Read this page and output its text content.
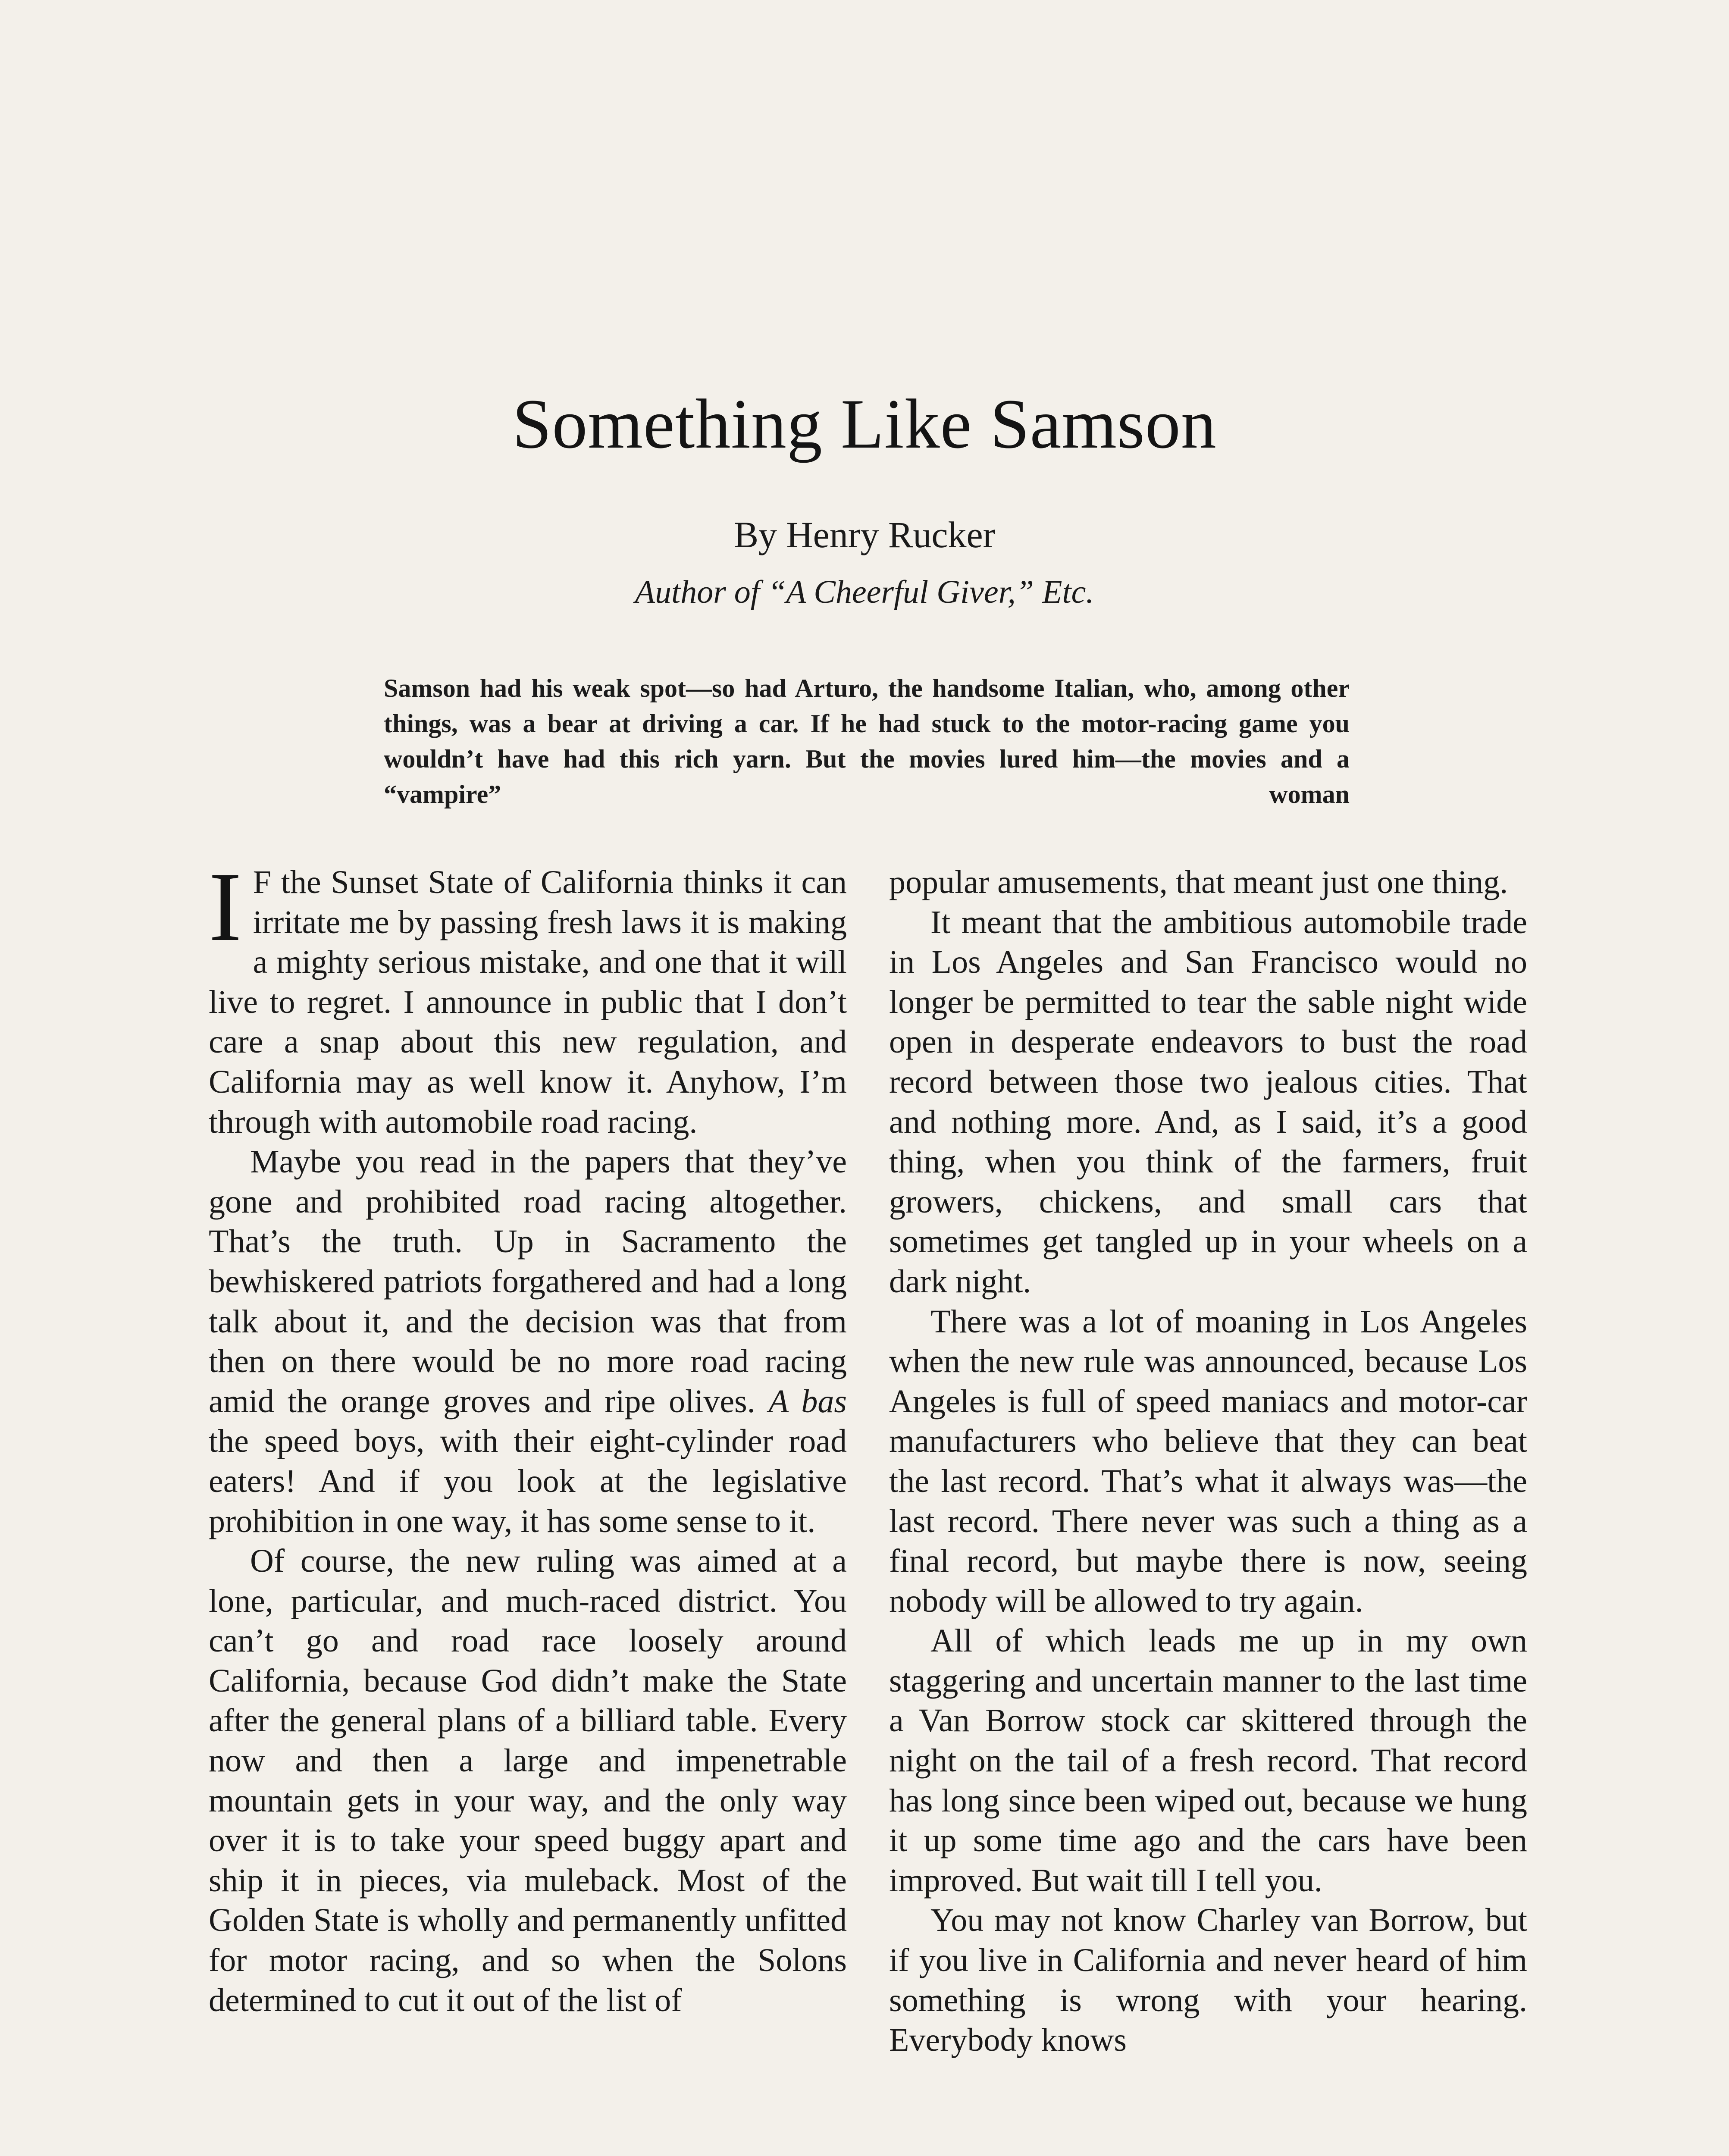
Something Like Samson
By Henry Rucker
Author of “A Cheerful Giver,” Etc.
Samson had his weak spot—so had Arturo, the handsome Italian, who, among other things, was a bear at driving a car. If he had stuck to the motor-racing game you wouldn’t have had this rich yarn. But the movies lured him—the movies and a “vampire” woman

I F the Sunset State of California thinks it can irritate me by passing fresh laws it is making a mighty serious mistake, and one that it will live to regret. I announce in public that I don’t care a snap about this new regulation, and California may as well know it. Anyhow, I’m through with automobile road racing.

Maybe you read in the papers that they’ve gone and prohibited road racing altogether. That’s the truth. Up in Sacramento the bewhiskered patriots forgathered and had a long talk about it, and the decision was that from then on there would be no more road racing amid the orange groves and ripe olives. A bas the speed boys, with their eight-cylinder road eaters! And if you look at the legislative prohibition in one way, it has some sense to it.

Of course, the new ruling was aimed at a lone, particular, and much-raced district. You can’t go and road race loosely around California, because God didn’t make the State after the general plans of a billiard table. Every now and then a large and impenetrable mountain gets in your way, and the only way over it is to take your speed buggy apart and ship it in pieces, via muleback. Most of the Golden State is wholly and permanently unfitted for motor racing, and so when the Solons determined to cut it out of the list of

popular amusements, that meant just one thing.

It meant that the ambitious automobile trade in Los Angeles and San Francisco would no longer be permitted to tear the sable night wide open in desperate endeavors to bust the road record between those two jealous cities. That and nothing more. And, as I said, it’s a good thing, when you think of the farmers, fruit growers, chickens, and small cars that sometimes get tangled up in your wheels on a dark night.

There was a lot of moaning in Los Angeles when the new rule was announced, because Los Angeles is full of speed maniacs and motor-car manufacturers who believe that they can beat the last record. That’s what it always was—the last record. There never was such a thing as a final record, but maybe there is now, seeing nobody will be allowed to try again.

All of which leads me up in my own staggering and uncertain manner to the last time a Van Borrow stock car skittered through the night on the tail of a fresh record. That record has long since been wiped out, because we hung it up some time ago and the cars have been improved. But wait till I tell you.

You may not know Charley van Borrow, but if you live in California and never heard of him something is wrong with your hearing. Everybody knows
